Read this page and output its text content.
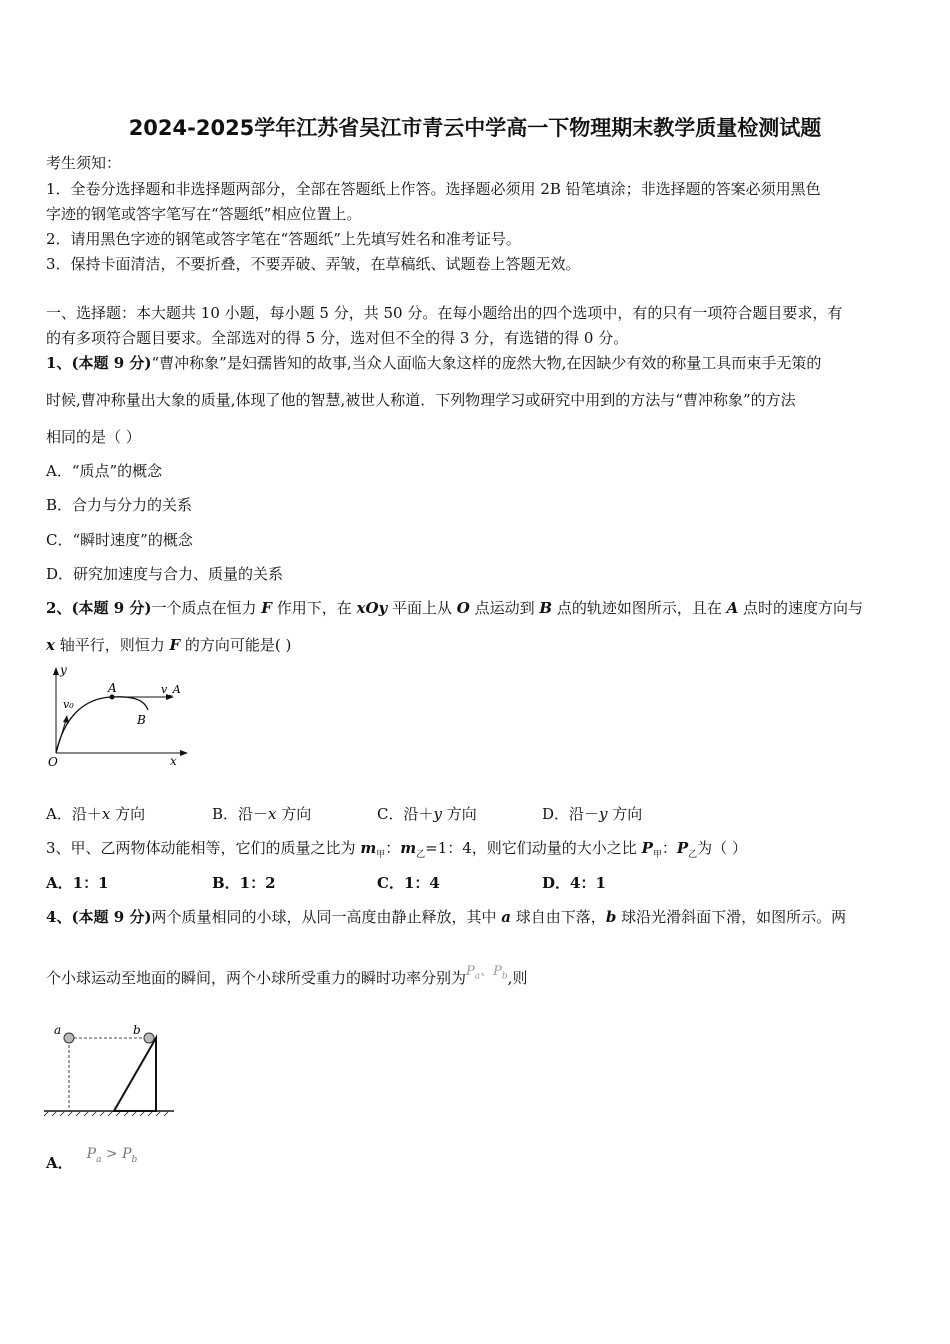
2024-2025学年江苏省吴江市青云中学高一下物理期末教学质量检测试题
考生须知：
1．全卷分选择题和非选择题两部分，全部在答题纸上作答。选择题必须用 2B 铅笔填涂；非选择题的答案必须用黑色
字迹的钢笔或答字笔写在“答题纸”相应位置上。
2．请用黑色字迹的钢笔或答字笔在“答题纸”上先填写姓名和准考证号。
3．保持卡面清洁，不要折叠，不要弄破、弄皱，在草稿纸、试题卷上答题无效。
一、选择题：本大题共 10 小题，每小题 5 分，共 50 分。在每小题给出的四个选项中，有的只有一项符合题目要求，有
的有多项符合题目要求。全部选对的得 5 分，选对但不全的得 3 分，有选错的得 0 分。
1、(本题 9 分)“曹冲称象”是妇孺皆知的故事,当众人面临大象这样的庞然大物,在因缺少有效的称量工具而束手无策的
时候,曹冲称量出大象的质量,体现了他的智慧,被世人称道．下列物理学习或研究中用到的方法与“曹冲称象”的方法
相同的是（ ）
A．“质点”的概念
B．合力与分力的关系
C．“瞬时速度”的概念
D．研究加速度与合力、质量的关系
2、(本题 9 分)一个质点在恒力 F 作用下，在 xOy 平面上从 O 点运动到 B 点的轨迹如图所示，且在 A 点时的速度方向与
x 轴平行，则恒力 F 的方向可能是( )
y
x
O
A
B
v₀
v_A
A．沿＋x 方向	B．沿－x 方向	C．沿＋y 方向	D．沿－y 方向
3、甲、乙两物体动能相等，它们的质量之比为 $m_甲$：$m_乙=1$：4，则它们动量的大小之比 $P_甲$：$P_乙$为（ ）
A．1：1	B．1：2	C．1：4	D．4：1
4、(本题 9 分)两个质量相同的小球，从同一高度由静止释放，其中 a 球自由下落，b 球沿光滑斜面下滑，如图所示。两
个小球运动至地面的瞬间，两个小球所受重力的瞬时功率分别为$P_a$、$P_b$,则
a	b
A． $P_a > P_b$
